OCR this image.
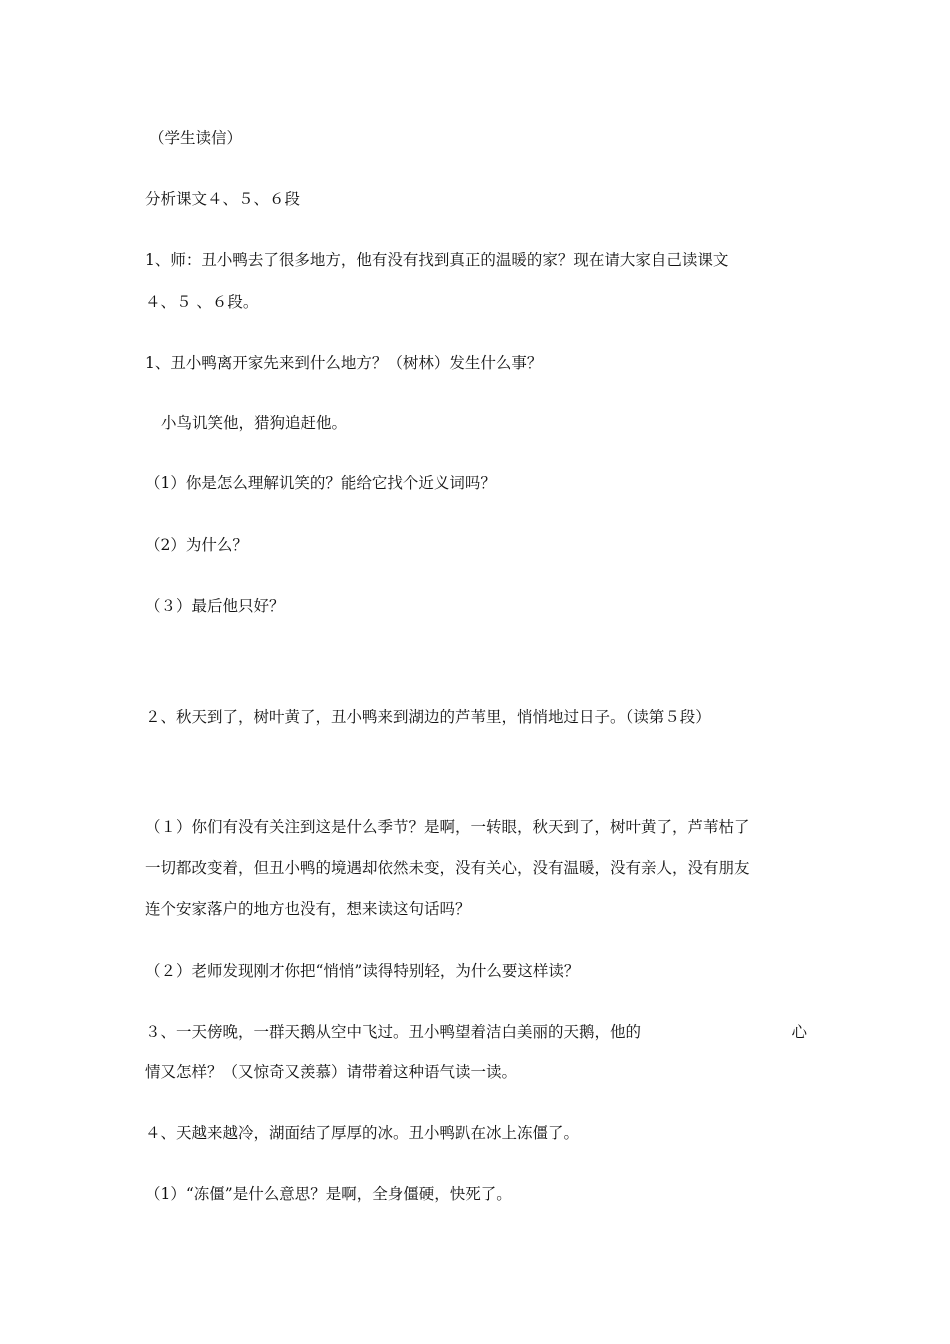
（学生读信）
分析课文４、５、６段
1、师：丑小鸭去了很多地方，他有没有找到真正的温暖的家？现在请大家自己读课文
４、５ 、６段。
1、丑小鸭离开家先来到什么地方？（树林）发生什么事？
小鸟讥笑他，猎狗追赶他。
（1）你是怎么理解讥笑的？能给它找个近义词吗？
（2）为什么？
（３）最后他只好？
２、秋天到了，树叶黄了，丑小鸭来到湖边的芦苇里，悄悄地过日子。（读第５段）
（１）你们有没有关注到这是什么季节？是啊，一转眼，秋天到了，树叶黄了，芦苇枯了
一切都改变着，但丑小鸭的境遇却依然未变，没有关心，没有温暖，没有亲人，没有朋友
连个安家落户的地方也没有，想来读这句话吗？
（２）老师发现刚才你把“悄悄”读得特别轻，为什么要这样读？
３、一天傍晚，一群天鹅从空中飞过。丑小鸭望着洁白美丽的天鹅，他的	心
情又怎样？（又惊奇又羡慕）请带着这种语气读一读。
４、天越来越冷，湖面结了厚厚的冰。丑小鸭趴在冰上冻僵了。
（1）“冻僵”是什么意思？是啊，全身僵硬，快死了。
